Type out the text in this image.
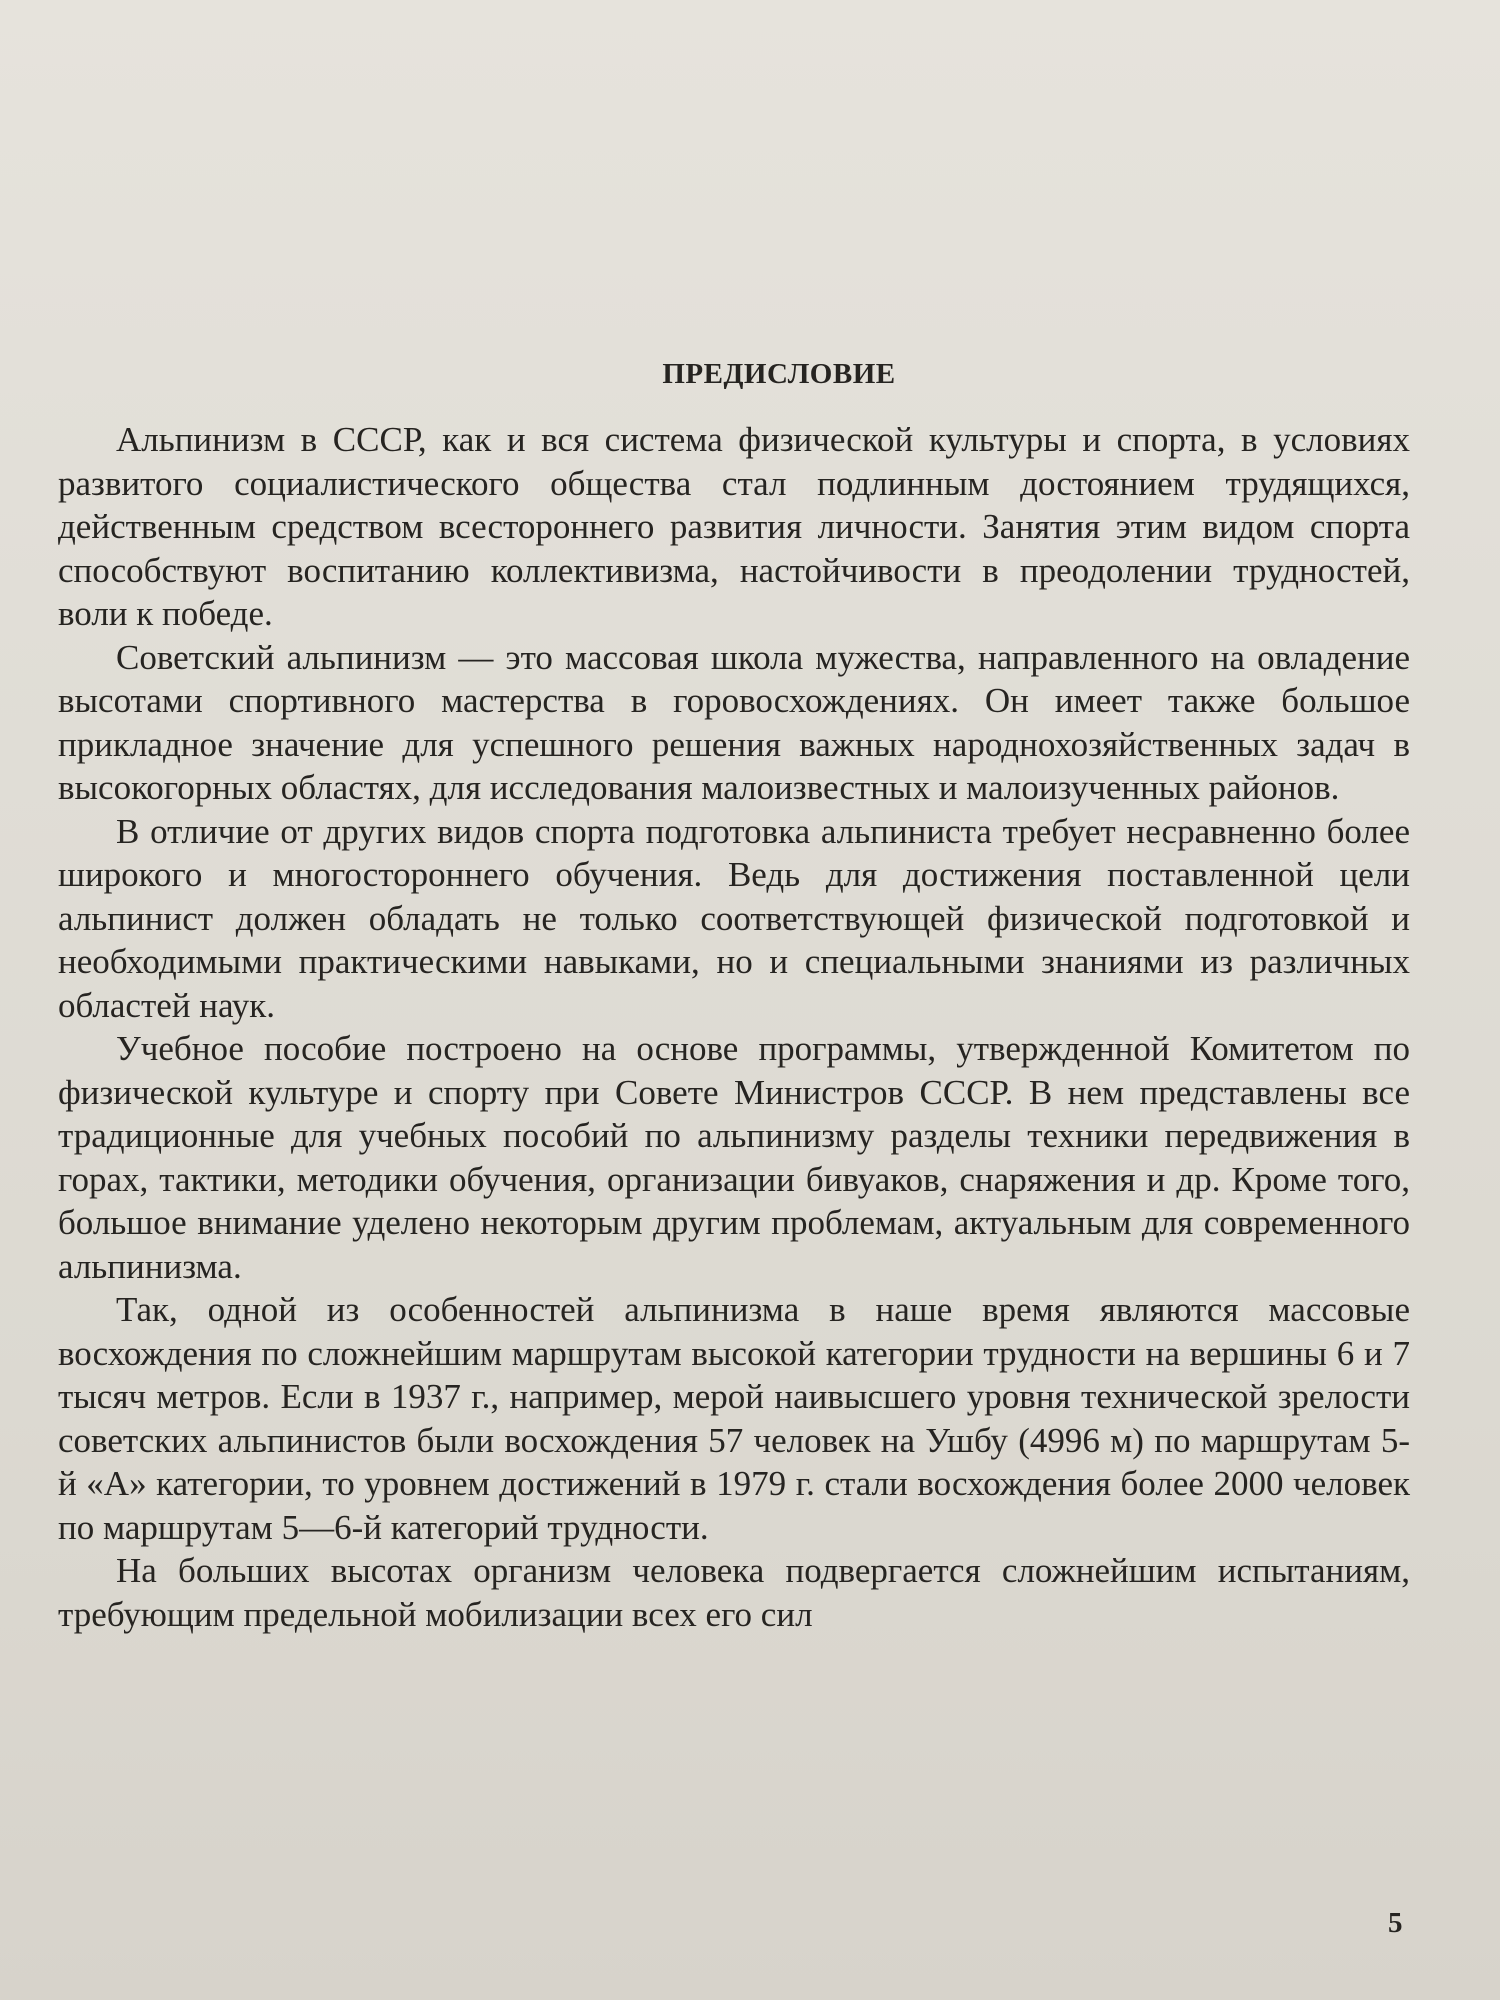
ПРЕДИСЛОВИЕ

Альпинизм в СССР, как и вся система физической культуры и спорта, в условиях развитого социалистического общества стал подлинным достоянием трудящихся, действенным средством всестороннего развития личности. Занятия этим видом спорта способствуют воспитанию коллективизма, настойчивости в преодолении трудностей, воли к победе.

Советский альпинизм — это массовая школа мужества, направленного на овладение высотами спортивного мастерства в горовосхождениях. Он имеет также большое прикладное значение для успешного решения важных народнохозяйственных задач в высокогорных областях, для исследования малоизвестных и малоизученных районов.

В отличие от других видов спорта подготовка альпиниста требует несравненно более широкого и многостороннего обучения. Ведь для достижения поставленной цели альпинист должен обладать не только соответствующей физической подготовкой и необходимыми практическими навыками, но и специальными знаниями из различных областей наук.

Учебное пособие построено на основе программы, утвержденной Комитетом по физической культуре и спорту при Совете Министров СССР. В нем представлены все традиционные для учебных пособий по альпинизму разделы техники передвижения в горах, тактики, методики обучения, организации бивуаков, снаряжения и др. Кроме того, большое внимание уделено некоторым другим проблемам, актуальным для современного альпинизма.

Так, одной из особенностей альпинизма в наше время являются массовые восхождения по сложнейшим маршрутам высокой категории трудности на вершины 6 и 7 тысяч метров. Если в 1937 г., например, мерой наивысшего уровня технической зрелости советских альпинистов были восхождения 57 человек на Ушбу (4996 м) по маршрутам 5-й «А» категории, то уровнем достижений в 1979 г. стали восхождения более 2000 человек по маршрутам 5—6-й категорий трудности.

На больших высотах организм человека подвергается сложнейшим испытаниям, требующим предельной мобилизации всех его сил

5
